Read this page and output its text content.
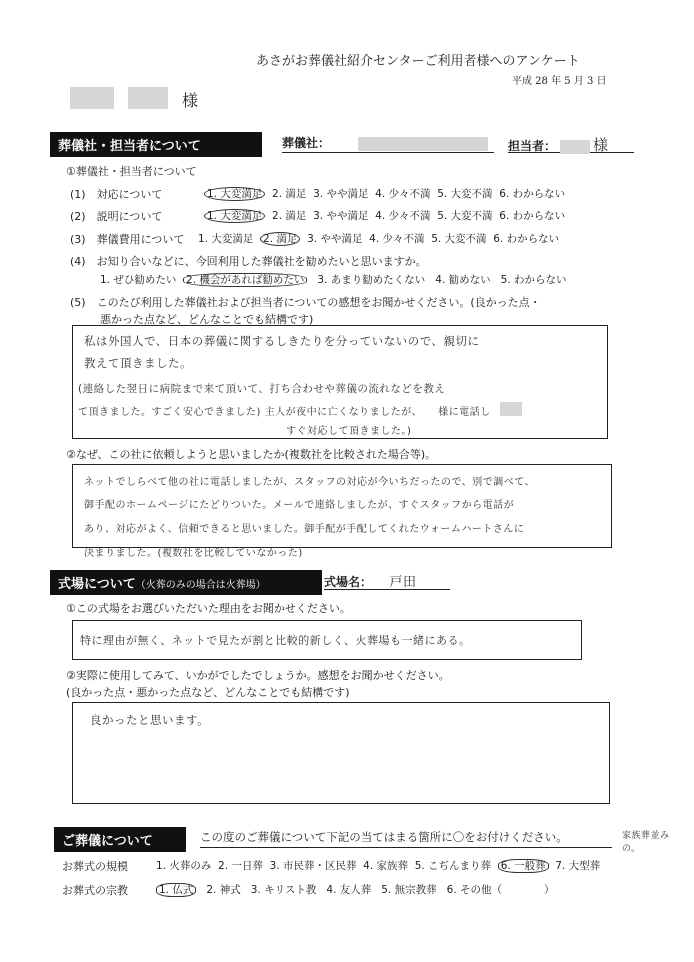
あさがお葬儀社紹介センターご利用者様へのアンケート
平成 28 年 5 月 3 日
様
葬儀社・担当者について	葬儀社：	担当者： 様
①葬儀社・担当者について
(1)　対応について	1. 大変満足 2. 満足 3. やや満足 4. 少々不満 5. 大変不満 6. わからない
(2)　説明について	1. 大変満足 2. 満足 3. やや満足 4. 少々不満 5. 大変不満 6. わからない
(3)　葬儀費用について 1. 大変満足 2. 満足 3. やや満足 4. 少々不満 5. 大変不満 6. わからない
(4)　お知り合いなどに、今回利用した葬儀社を勧めたいと思いますか。
1. ぜひ勧めたい 2. 機会があれば勧めたい 3. あまり勧めたくない 4. 勧めない 5. わからない
(5)　このたび利用した葬儀社および担当者についての感想をお聞かせください。(良かった点・
悪かった点など、どんなことでも結構です)
私は外国人で、日本の葬儀に関するしきたりを分っていないので、親切に
教えて頂きました。
(連絡した翌日に病院まで来て頂いて、打ち合わせや葬儀の流れなどを教え
て頂きました。すごく安心できました) 主人が夜中に亡くなりましたが、　　様に電話し
すぐ対応して頂きました。)
②なぜ、この社に依頼しようと思いましたか(複数社を比較された場合等)。
ネットでしらべて他の社に電話しましたが、スタッフの対応が今いちだったので、別で調べて、
御手配のホームページにたどりついた。メールで連絡しましたが、すぐスタッフから電話が
あり、対応がよく、信頼できると思いました。御手配が手配してくれたウォームハートさんに
決まりました。(複数社を比較していなかった)
式場について（火葬のみの場合は火葬場）	式場名： 戸田
①この式場をお選びいただいた理由をお聞かせください。
特に理由が無く、ネットで見たが割と比較的新しく、火葬場も一緒にある。
②実際に使用してみて、いかがでしたでしょうか。感想をお聞かせください。
(良かった点・悪かった点など、どんなことでも結構です)
良かったと思います。
ご葬儀について	この度のご葬儀について下記の当てはまる箇所に〇をお付けください。	家族葬並みの。
お葬式の規模	1. 火葬のみ 2. 一日葬 3. 市民葬・区民葬 4. 家族葬 5. こぢんまり葬 6. 一般葬 7. 大型葬
お葬式の宗教	1. 仏式 2. 神式 3. キリスト教 4. 友人葬 5. 無宗教葬 6. その他（　　　　）
